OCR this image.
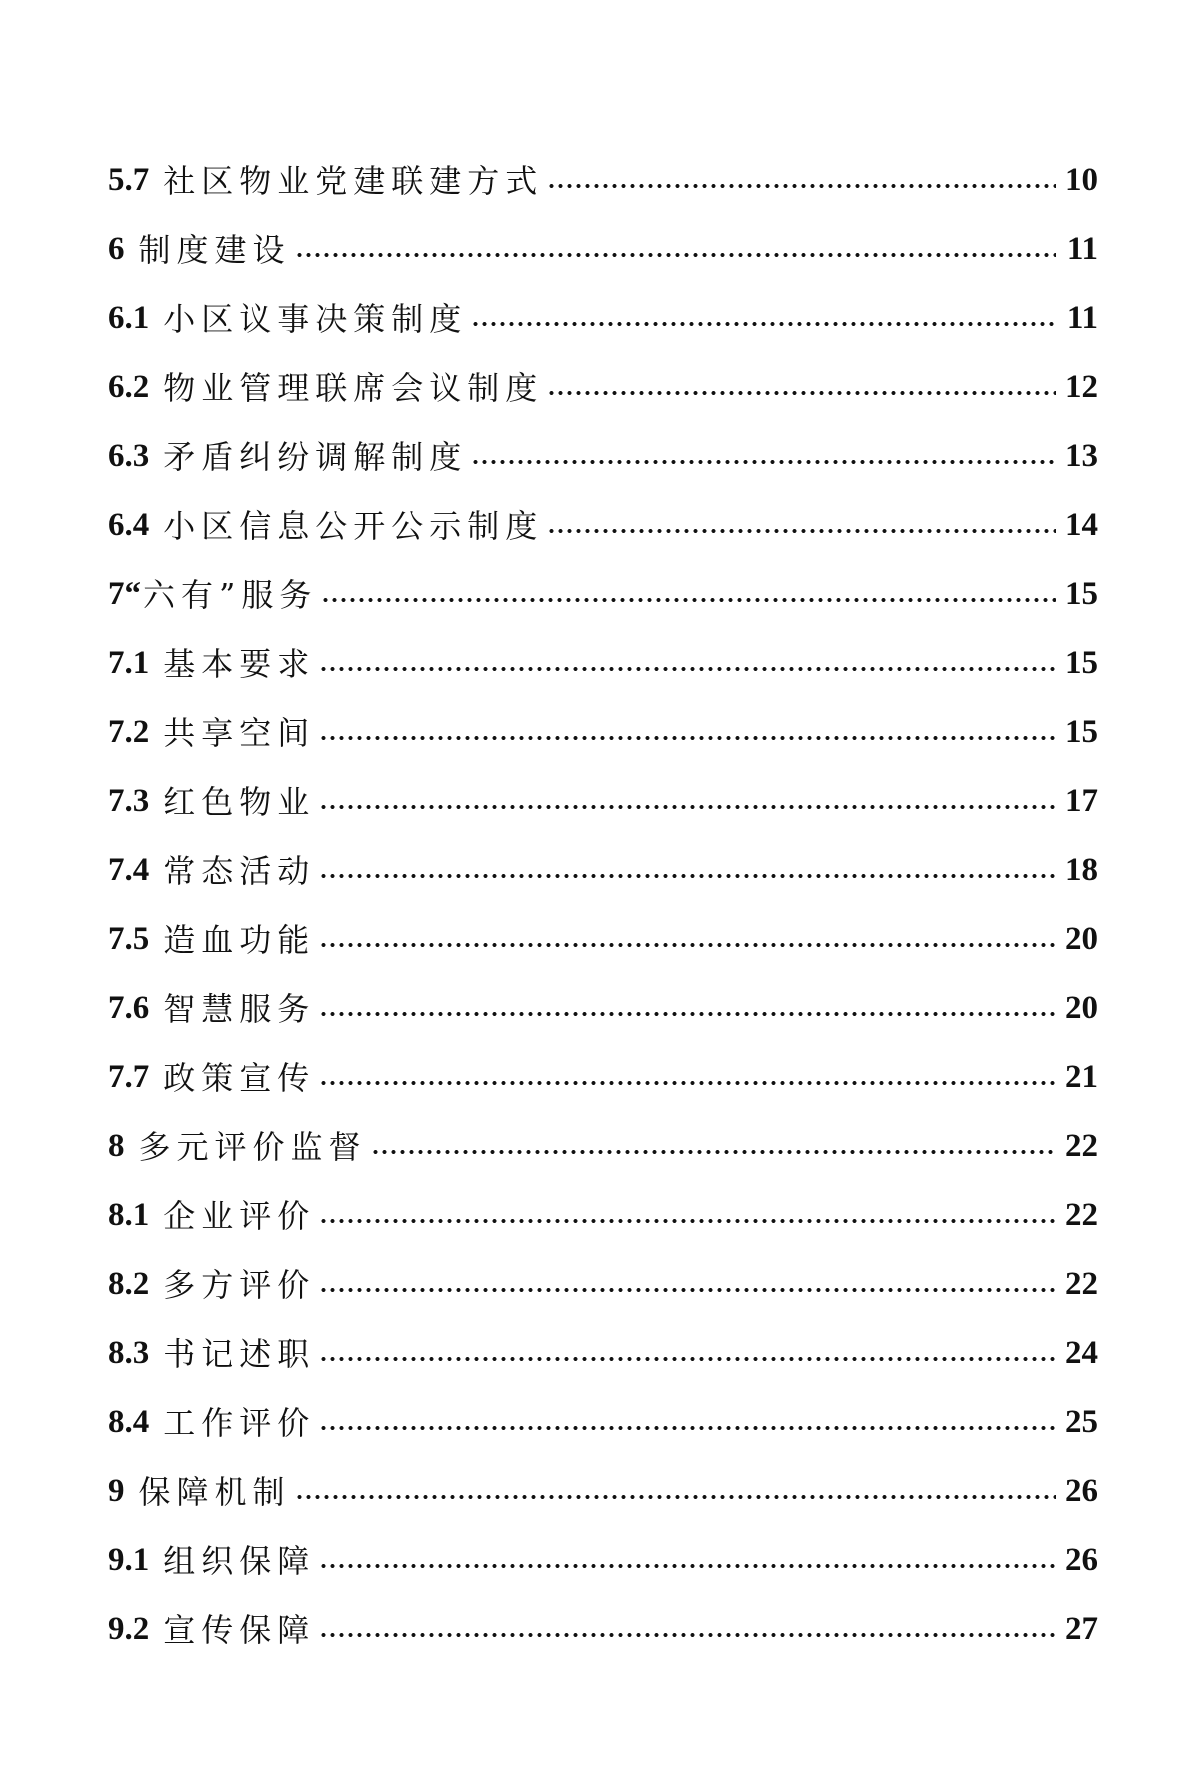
5.7 社区物业党建联建方式	10
6 制度建设	11
6.1 小区议事决策制度	11
6.2 物业管理联席会议制度	12
6.3 矛盾纠纷调解制度	13
6.4 小区信息公开公示制度	14
7“ 六有”服务	15
7.1 基本要求	15
7.2 共享空间	15
7.3 红色物业	17
7.4 常态活动	18
7.5 造血功能	20
7.6 智慧服务	20
7.7 政策宣传	21
8 多元评价监督	22
8.1 企业评价	22
8.2 多方评价	22
8.3 书记述职	24
8.4 工作评价	25
9 保障机制	26
9.1 组织保障	26
9.2 宣传保障	27
